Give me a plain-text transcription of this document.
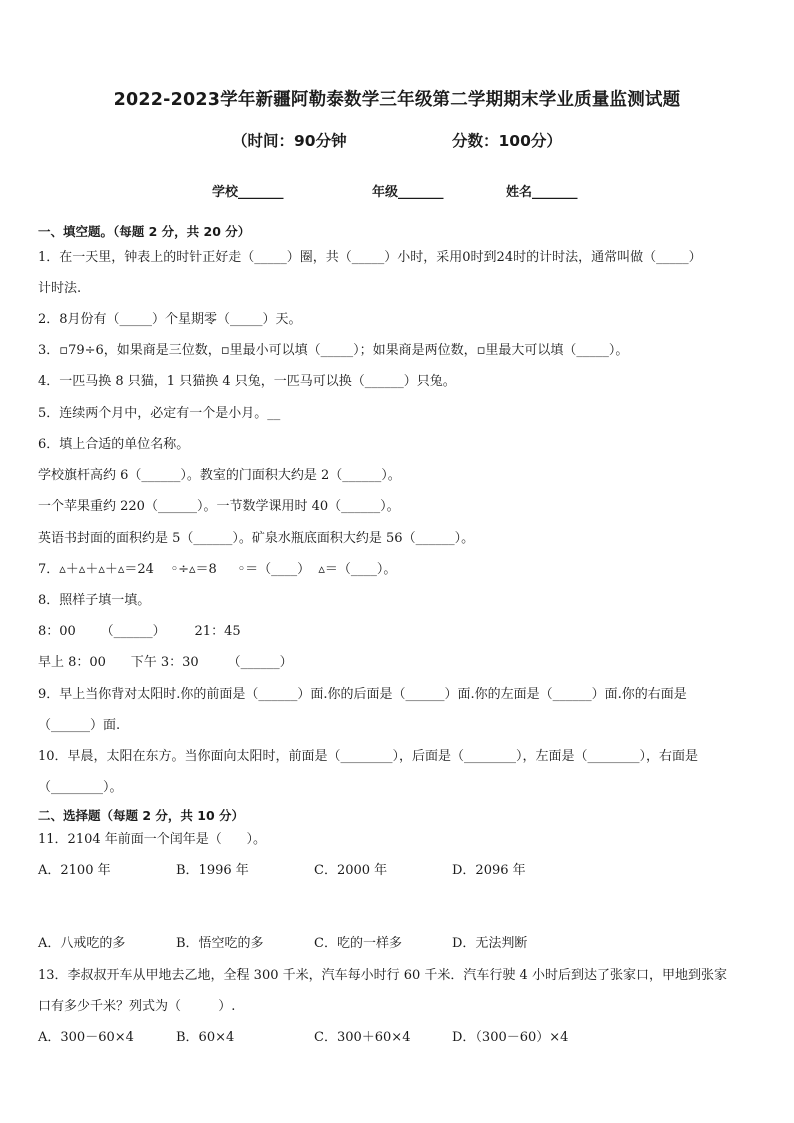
2022-2023学年新疆阿勒泰数学三年级第二学期期末学业质量监测试题
（时间：90分钟	分数：100分）
学校_______	年级_______	姓名_______
一、填空题。（每题 2 分，共 20 分）
1．在一天里，钟表上的时针正好走（_____）圈，共（_____）小时，采用0时到24时的计时法，通常叫做（_____）
计时法.
2．8月份有（_____）个星期零（_____）天。
3．▫79÷6，如果商是三位数，▫里最小可以填（_____）；如果商是两位数，▫里最大可以填（_____）。
4．一匹马换 8 只猫，1 只猫换 4 只兔，一匹马可以换（______）只兔。
5．连续两个月中，必定有一个是小月。__
6．填上合适的单位名称。
学校旗杆高约 6（______）。教室的门面积大约是 2（______）。
一个苹果重约 220（______）。一节数学课用时 40（______）。
英语书封面的面积约是 5（______）。矿泉水瓶底面积大约是 56（______）。
7．▵＋▵＋▵＋▵＝24    ◦÷▵＝8     ◦＝（____）  ▵＝（____）。
8．照样子填一填。
8：00      （______）       21：45
早上 8：00      下午 3：30       （______）
9．早上当你背对太阳时.你的前面是（______）面.你的后面是（______）面.你的左面是（______）面.你的右面是
（______）面.
10．早晨，太阳在东方。当你面向太阳时，前面是（________），后面是（________），左面是（________），右面是
（________）。
二、选择题（每题 2 分，共 10 分）
11．2104 年前面一个闰年是（      ）。
A．2100 年	B．1996 年	C．2000 年	D．2096 年

A．八戒吃的多	B．悟空吃的多	C．吃的一样多	D．无法判断
13．李叔叔开车从甲地去乙地，全程 300 千米，汽车每小时行 60 千米．汽车行驶 4 小时后到达了张家口，甲地到张家
口有多少千米？列式为（         ）.
A．300－60×4	B．60×4	C．300＋60×4	D．（300－60）×4
